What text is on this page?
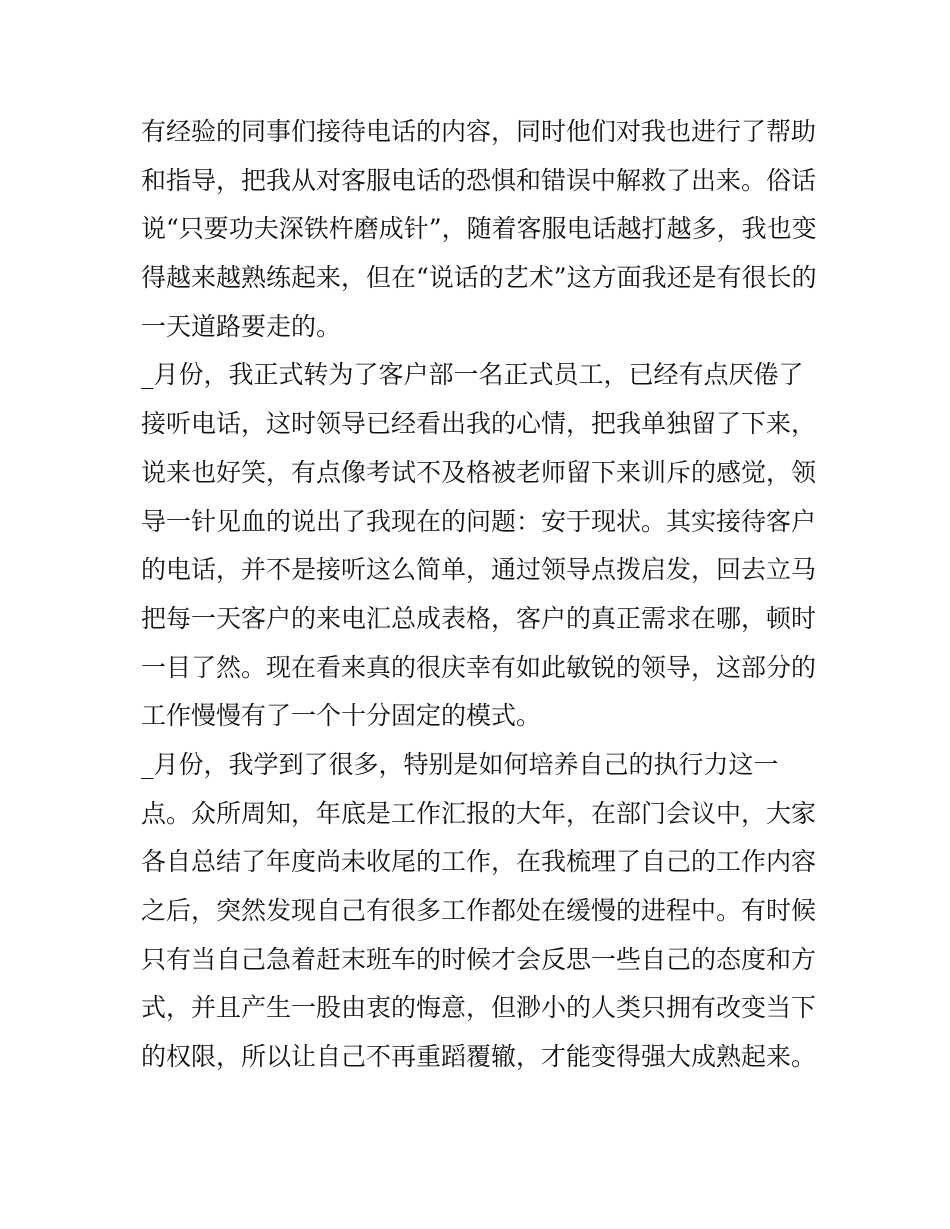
有经验的同事们接待电话的内容，同时他们对我也进行了帮助
和指导，把我从对客服电话的恐惧和错误中解救了出来。俗话
说“只要功夫深铁杵磨成针”，随着客服电话越打越多，我也变
得越来越熟练起来，但在“说话的艺术”这方面我还是有很长的
一天道路要走的。
_月份，我正式转为了客户部一名正式员工，已经有点厌倦了
接听电话，这时领导已经看出我的心情，把我单独留了下来，
说来也好笑，有点像考试不及格被老师留下来训斥的感觉，领
导一针见血的说出了我现在的问题：安于现状。其实接待客户
的电话，并不是接听这么简单，通过领导点拨启发，回去立马
把每一天客户的来电汇总成表格，客户的真正需求在哪，顿时
一目了然。现在看来真的很庆幸有如此敏锐的领导，这部分的
工作慢慢有了一个十分固定的模式。
_月份，我学到了很多，特别是如何培养自己的执行力这一
点。众所周知，年底是工作汇报的大年，在部门会议中，大家
各自总结了年度尚未收尾的工作，在我梳理了自己的工作内容
之后，突然发现自己有很多工作都处在缓慢的进程中。有时候
只有当自己急着赶末班车的时候才会反思一些自己的态度和方
式，并且产生一股由衷的悔意，但渺小的人类只拥有改变当下
的权限，所以让自己不再重蹈覆辙，才能变得强大成熟起来。
